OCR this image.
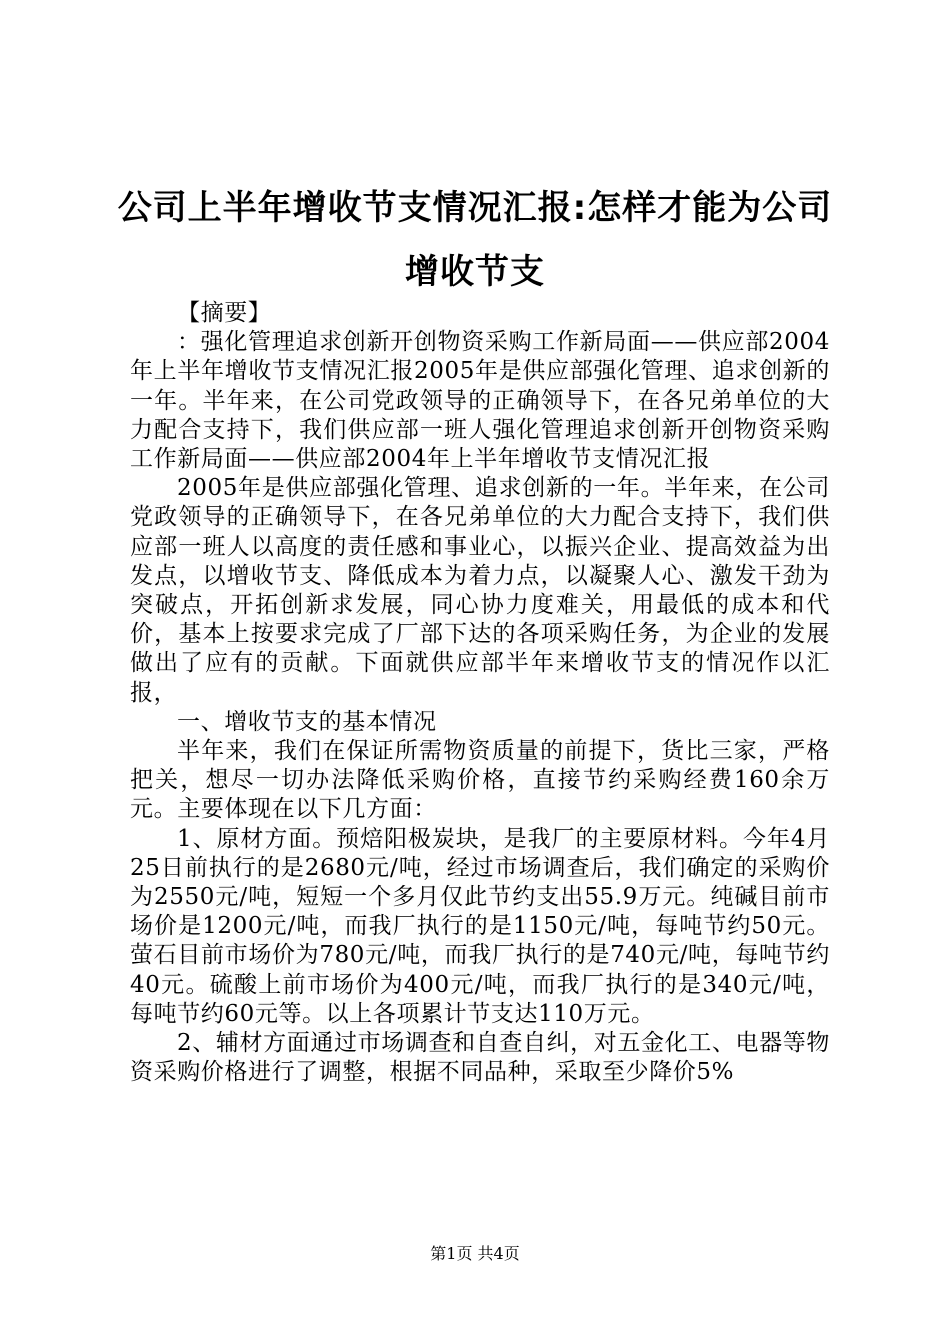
公司上半年增收节支情况汇报:怎样才能为公司增收节支

【摘要】

：强化管理追求创新开创物资采购工作新局面——供应部2004年上半年增收节支情况汇报2005年是供应部强化管理、追求创新的一年。半年来，在公司党政领导的正确领导下，在各兄弟单位的大力配合支持下，我们供应部一班人强化管理追求创新开创物资采购工作新局面——供应部2004年上半年增收节支情况汇报

2005年是供应部强化管理、追求创新的一年。半年来，在公司党政领导的正确领导下，在各兄弟单位的大力配合支持下，我们供应部一班人以高度的责任感和事业心，以振兴企业、提高效益为出发点，以增收节支、降低成本为着力点，以凝聚人心、激发干劲为突破点，开拓创新求发展，同心协力度难关，用最低的成本和代价，基本上按要求完成了厂部下达的各项采购任务，为企业的发展做出了应有的贡献。下面就供应部半年来增收节支的情况作以汇报，

一、增收节支的基本情况

半年来，我们在保证所需物资质量的前提下，货比三家，严格把关，想尽一切办法降低采购价格，直接节约采购经费160余万元。主要体现在以下几方面：

1、原材方面。预焙阳极炭块，是我厂的主要原材料。今年4月25日前执行的是2680元/吨，经过市场调查后，我们确定的采购价为2550元/吨，短短一个多月仅此节约支出55.9万元。纯碱目前市场价是1200元/吨，而我厂执行的是1150元/吨，每吨节约50元。萤石目前市场价为780元/吨，而我厂执行的是740元/吨，每吨节约40元。硫酸上前市场价为400元/吨，而我厂执行的是340元/吨，每吨节约60元等。以上各项累计节支达110万元。

2、辅材方面通过市场调查和自查自纠，对五金化工、电器等物资采购价格进行了调整，根据不同品种，采取至少降价5%

第1页 共4页
